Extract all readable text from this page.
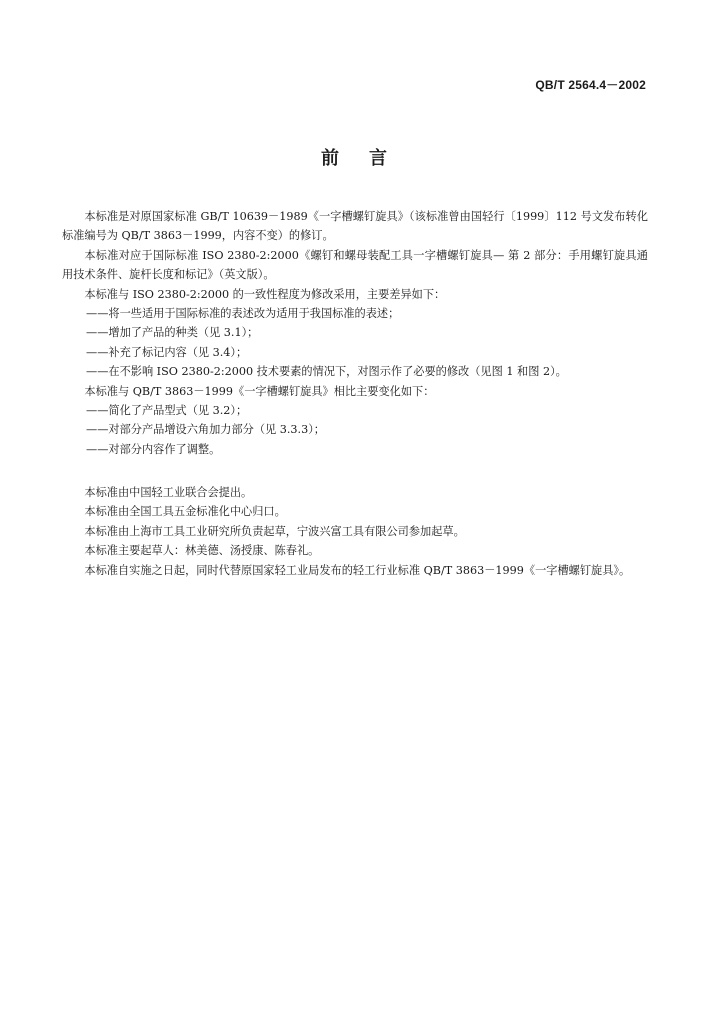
QB/T 2564.4－2002
前言

本标准是对原国家标准 GB/T 10639－1989《一字槽螺钉旋具》（该标准曾由国轻行〔1999〕112 号文发布转化标准编号为 QB/T 3863－1999，内容不变）的修订。

本标准对应于国际标准 ISO 2380-2:2000《螺钉和螺母装配工具一字槽螺钉旋具— 第 2 部分：手用螺钉旋具通用技术条件、旋杆长度和标记》（英文版）。

本标准与 ISO 2380-2:2000 的一致性程度为修改采用，主要差异如下：

——将一些适用于国际标准的表述改为适用于我国标准的表述；

——增加了产品的种类（见 3.1）；

——补充了标记内容（见 3.4）；

——在不影响 ISO 2380-2:2000 技术要素的情况下，对图示作了必要的修改（见图 1 和图 2）。

本标准与 QB/T 3863－1999《一字槽螺钉旋具》相比主要变化如下：

——简化了产品型式（见 3.2）；

——对部分产品增设六角加力部分（见 3.3.3）；

——对部分内容作了调整。

本标准由中国轻工业联合会提出。

本标准由全国工具五金标准化中心归口。

本标准由上海市工具工业研究所负责起草，宁波兴富工具有限公司参加起草。

本标准主要起草人：林美德、汤授康、陈春礼。

本标准自实施之日起，同时代替原国家轻工业局发布的轻工行业标准 QB/T 3863－1999《一字槽螺钉旋具》。
